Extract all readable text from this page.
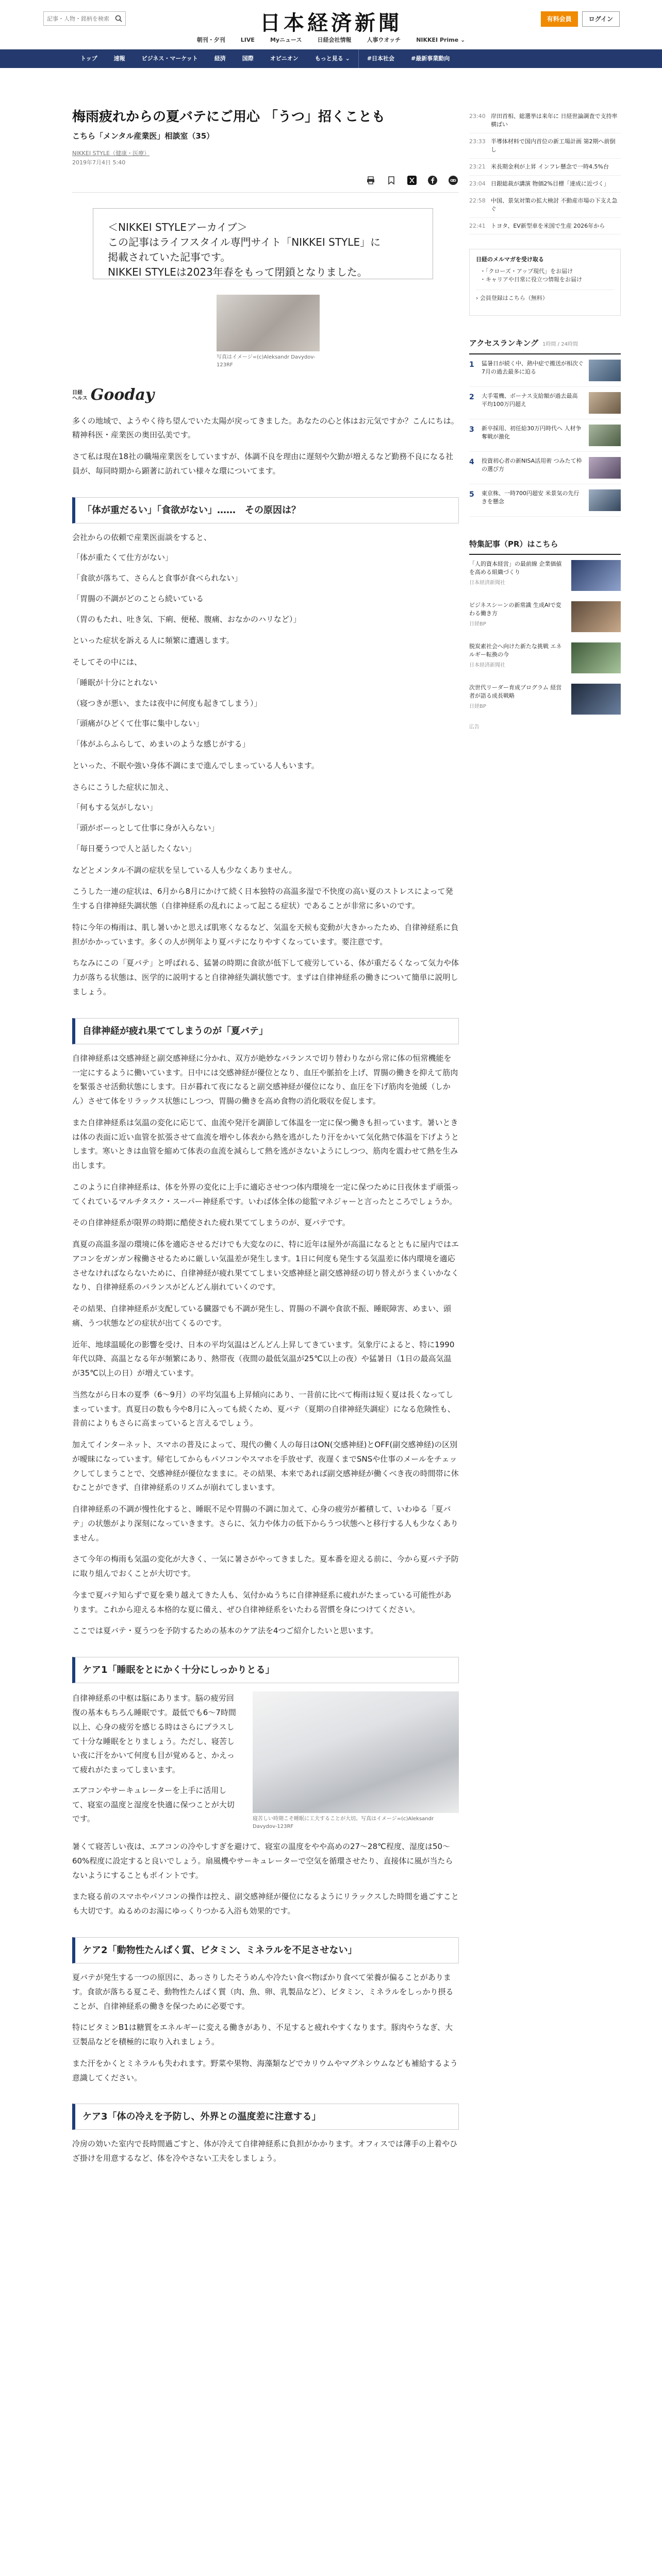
記事・人物・銘柄を検索
日本経済新聞	有料会員	ログイン
朝刊・夕刊	LIVE	Myニュース	日経会社情報	人事ウオッチ	NIKKEI Prime ⌄
トップ	速報	ビジネス・マーケット	経済	国際	オピニオン	もっと見る ⌄	#日本社会	#最新事業動向
梅雨疲れからの夏バテにご用心 「うつ」招くことも
こちら「メンタル産業医」相談室（35）
NIKKEI STYLE（健康・医療）
2019年7月4日 5:40

＜NIKKEI STYLEアーカイブ＞

この記事はライフスタイル専門サイト「NIKKEI STYLE」に

掲載されていた記事です。

NIKKEI STYLEは2023年春をもって閉鎖となりました。

写真はイメージ=(c)Aleksandr Davydov-123RF
日経
ヘルス Gooday

多くの地域で、ようやく待ち望んでいた太陽が戻ってきました。あなたの心と体はお元気ですか？こんにちは。精神科医・産業医の奥田弘美です。

さて私は現在18社の職場産業医をしていますが、体調不良を理由に遅刻や欠勤が増えるなど勤務不良になる社員が、毎同時期から顕著に訪れてい様々な環についてます。

「体が重だるい」「食欲がない」……　その原因は？

会社からの依頼で産業医面談をすると、

「体が重たくて仕方がない」

「食欲が落ちて、さらんと食事が食べられない」

「胃腸の不調がどのことら続いている

（胃のもたれ、吐き気、下痢、便秘、腹痛、おなかのハリなど）」

といった症状を訴える人に頻繁に遭遇します。

そしてその中には、

「睡眠が十分にとれない

（寝つきが悪い、または夜中に何度も起きてしまう）」

「頭痛がひどくて仕事に集中しない」

「体がふらふらして、めまいのような感じがする」

といった、不眠や強い身体不調にまで進んでしまっている人もいます。

さらにこうした症状に加え、

「何もする気がしない」

「頭がボーっとして仕事に身が入らない」

「毎日憂うつで人と話したくない」

などとメンタル不調の症状を呈している人も少なくありません。

こうした一連の症状は、6月から8月にかけて続く日本独特の高温多湿で不快度の高い夏のストレスによって発生する自律神経失調状態（自律神経系の乱れによって起こる症状）であることが非常に多いのです。

特に今年の梅雨は、肌し暑いかと思えば肌寒くなるなど、気温を天候も変動が大きかったため、自律神経系に負担がかかっています。多くの人が例年より夏バテになりやすくなっています。要注意です。

ちなみにこの「夏バテ」と呼ばれる、猛暑の時期に食欲が低下して疲労している、体が重だるくなって気力や体力が落ちる状態は、医学的に説明すると自律神経失調状態です。まずは自律神経系の働きについて簡単に説明しましょう。

自律神経が疲れ果ててしまうのが「夏バテ」

自律神経系は交感神経と副交感神経に分かれ、双方が絶妙なバランスで切り替わりながら常に体の恒常機能を一定にするように働いています。日中には交感神経が優位となり、血圧や脈拍を上げ、胃腸の働きを抑えて筋肉を緊張させ活動状態にします。日が暮れて夜になると副交感神経が優位になり、血圧を下げ筋肉を弛緩（しかん）させて体をリラックス状態にしつつ、胃腸の働きを高め食物の消化吸収を促します。

また自律神経系は気温の変化に応じて、血流や発汗を調節して体温を一定に保つ働きも担っています。暑いときは体の表面に近い血管を拡張させて血流を増やし体表から熱を逃がしたり汗をかいて気化熱で体温を下げようとします。寒いときは血管を縮めて体表の血流を減らして熱を逃がさないようにしつつ、筋肉を震わせて熱を生み出します。

このように自律神経系は、体を外界の変化に上手に適応させつつ体内環境を一定に保つために日夜休まず頑張ってくれているマルチタスク・スーパー神経系です。いわば体全体の総監マネジャーと言ったところでしょうか。

その自律神経系が限界の時期に酷使された疲れ果ててしまうのが、夏バテです。

真夏の高温多湿の環境に体を適応させるだけでも大変なのに、特に近年は屋外が高温になるとともに屋内ではエアコンをガンガン稼働させるために厳しい気温差が発生します。1日に何度も発生する気温差に体内環境を適応させなければならないために、自律神経が疲れ果ててしまい交感神経と副交感神経の切り替えがうまくいかなくなり、自律神経系のバランスがどんどん崩れていくのです。

その結果、自律神経系が支配している臓器でも不調が発生し、胃腸の不調や食欲不振、睡眠障害、めまい、頭痛、うつ状態などの症状が出てくるのです。

近年、地球温暖化の影響を受け、日本の平均気温はどんどん上昇してきています。気象庁によると、特に1990年代以降、高温となる年が頻繁にあり、熱帯夜（夜間の最低気温が25℃以上の夜）や猛暑日（1日の最高気温が35℃以上の日）が増えています。

当然ながら日本の夏季（6〜9月）の平均気温も上昇傾向にあり、一昔前に比べて梅雨は短く夏は長くなってしまっています。真夏日の数も今や8月に入っても続くため、夏バテ（夏期の自律神経失調症）になる危険性も、昔前によりもさらに高まっていると言えるでしょう。

加えてインターネット、スマホの普及によって、現代の働く人の毎日はON(交感神経)とOFF(副交感神経)の区別が曖昧になっています。帰宅してからもパソコンやスマホを手放せず、夜遅くまでSNSや仕事のメールをチェックしてしまうことで、交感神経が優位なままに。その結果、本来であれば副交感神経が働くべき夜の時間帯に休むことができず、自律神経系のリズムが崩れてしまいます。

自律神経系の不調が慢性化すると、睡眠不足や胃腸の不調に加えて、心身の疲労が蓄積して、いわゆる「夏バテ」の状態がより深刻になっていきます。さらに、気力や体力の低下からうつ状態へと移行する人も少なくありません。

さて今年の梅雨も気温の変化が大きく、一気に暑さがやってきました。夏本番を迎える前に、今から夏バテ予防に取り組んでおくことが大切です。

今まで夏バテ知らずで夏を乗り越えてきた人も、気付かぬうちに自律神経系に疲れがたまっている可能性があります。これから迎える本格的な夏に備え、ぜひ自律神経系をいたわる習慣を身につけてください。

ここでは夏バテ・夏うつを予防するための基本のケア法を4つご紹介したいと思います。

ケア1「睡眠をとにかく十分にしっかりとる」

自律神経系の中枢は脳にあります。脳の疲労回復の基本もちろん睡眠です。最低でも6〜7時間以上、心身の疲労を感じる時はさらにプラスして十分な睡眠をとりましょう。ただし、寝苦しい夜に汗をかいて何度も目が覚めると、かえって疲れがたまってしまいます。

エアコンやサーキュレーターを上手に活用して、寝室の温度と湿度を快適に保つことが大切です。	寝苦しい時期こそ睡眠に工夫することが大切。写真はイメージ=(c)Aleksandr Davydov-123RF

暑くて寝苦しい夜は、エアコンの冷やしすぎを避けて、寝室の温度をやや高めの27〜28℃程度、湿度は50〜60%程度に設定すると良いでしょう。扇風機やサーキュレーターで空気を循環させたり、直接体に風が当たらないようにすることもポイントです。

また寝る前のスマホやパソコンの操作は控え、副交感神経が優位になるようにリラックスした時間を過ごすことも大切です。ぬるめのお湯にゆっくりつかる入浴も効果的です。

ケア2「動物性たんぱく質、ビタミン、ミネラルを不足させない」

夏バテが発生する一つの原因に、あっさりしたそうめんや冷たい食べ物ばかり食べて栄養が偏ることがあります。食欲が落ちる夏こそ、動物性たんぱく質（肉、魚、卵、乳製品など）、ビタミン、ミネラルをしっかり摂ることが、自律神経系の働きを保つために必要です。

特にビタミンB1は糖質をエネルギーに変える働きがあり、不足すると疲れやすくなります。豚肉やうなぎ、大豆製品などを積極的に取り入れましょう。

また汗をかくとミネラルも失われます。野菜や果物、海藻類などでカリウムやマグネシウムなども補給するよう意識してください。

ケア3「体の冷えを予防し、外界との温度差に注意する」

冷房の効いた室内で長時間過ごすと、体が冷えて自律神経系に負担がかかります。オフィスでは薄手の上着やひざ掛けを用意するなど、体を冷やさない工夫をしましょう。

23:40 岸田首相、総選挙は来年に 日経世論調査で支持率横ばい
23:33 半導体材料で国内首位の新工場計画 第2期へ前倒し
23:21 米長期金利が上昇 インフレ懸念で一時4.5%台
23:04 日銀総裁が講演 物価2%目標「達成に近づく」
22:58 中国、景気対策の拡大検討 不動産市場の下支え急ぐ
22:41 トヨタ、EV新型車を米国で生産 2026年から
日経のメルマガを受け取る
・「クローズ・アップ現代」をお届け
・キャリアや日常に役立つ情報をお届け
› 会員登録はこちら（無料）
アクセスランキング 1時間 / 24時間
1	猛暑日が続く中、熱中症で搬送が相次ぐ 7月の過去最多に迫る
2	大手電機、ボーナス支給額が過去最高 平均100万円超え
3	新卒採用、初任給30万円時代へ 人材争奪戦が激化
4	投資初心者の新NISA活用術 つみたて枠の選び方
5	東京株、一時700円超安 米景気の先行きを懸念
特集記事（PR）はこちら
「人的資本経営」の最前線 企業価値を高める組織づくり
日本経済新聞社
ビジネスシーンの新常識 生成AIで変わる働き方
日経BP
脱炭素社会へ向けた新たな挑戦 エネルギー転換の今
日本経済新聞社
次世代リーダー育成プログラム 経営者が語る成長戦略
日経BP
広告
